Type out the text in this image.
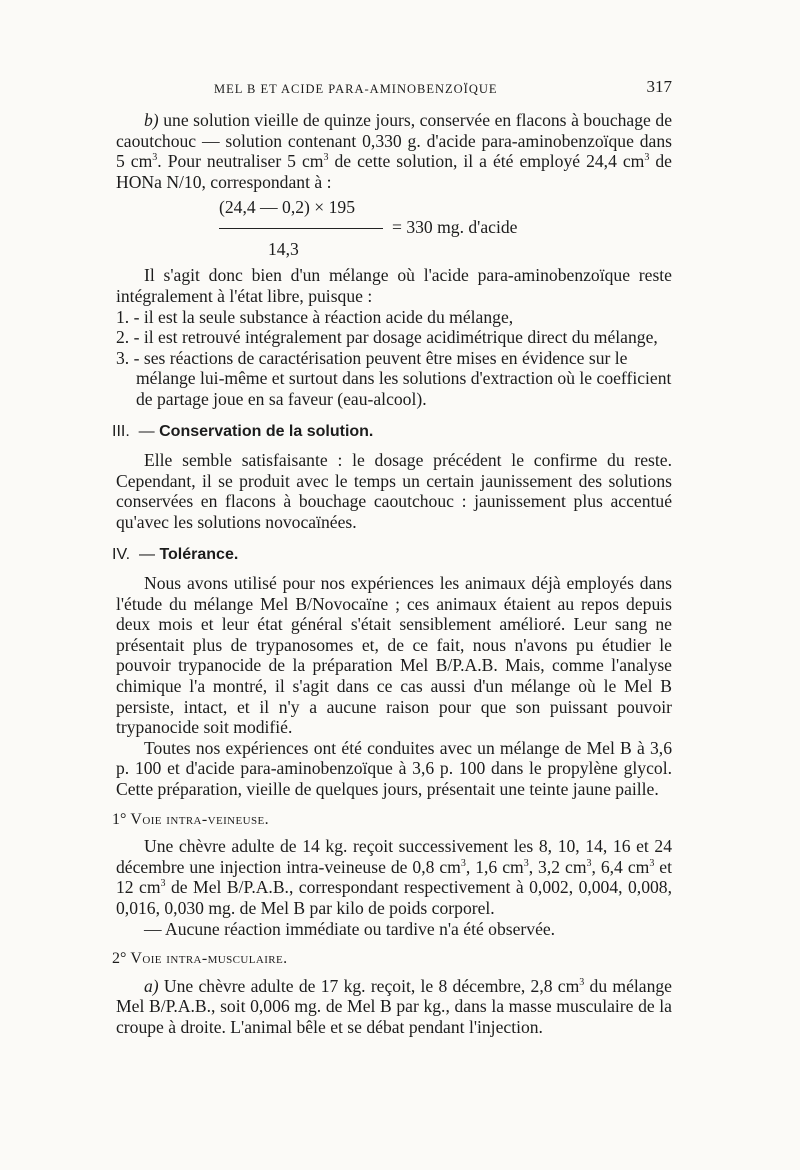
MEL B ET ACIDE PARA-AMINOBENZOÏQUE	317

b) une solution vieille de quinze jours, conservée en flacons à bouchage de caoutchouc — solution contenant 0,330 g. d'acide para-aminobenzoïque dans 5 $cm^3$. Pour neutraliser 5 $cm^3$ de cette solution, il a été employé 24,4 $cm^3$ de HONa N/10, correspondant à :

(24,4 — 0,2) × 195
= 330 mg. d'acide
14,3

Il s'agit donc bien d'un mélange où l'acide para-aminobenzoïque reste intégralement à l'état libre, puisque :

1. - il est la seule substance à réaction acide du mélange,
2. - il est retrouvé intégralement par dosage acidimétrique direct du mélange,
3. - ses réactions de caractérisation peuvent être mises en évidence sur le mélange lui-même et surtout dans les solutions d'extraction où le coefficient de partage joue en sa faveur (eau-alcool).
III. — Conservation de la solution.

Elle semble satisfaisante : le dosage précédent le confirme du reste. Cependant, il se produit avec le temps un certain jaunissement des solutions conservées en flacons à bouchage caoutchouc : jaunissement plus accentué qu'avec les solutions novocaïnées.

IV. — Tolérance.

Nous avons utilisé pour nos expériences les animaux déjà employés dans l'étude du mélange Mel B/Novocaïne ; ces animaux étaient au repos depuis deux mois et leur état général s'était sensiblement amélioré. Leur sang ne présentait plus de trypanosomes et, de ce fait, nous n'avons pu étudier le pouvoir trypanocide de la préparation Mel B/P.A.B. Mais, comme l'analyse chimique l'a montré, il s'agit dans ce cas aussi d'un mélange où le Mel B persiste, intact, et il n'y a aucune raison pour que son puissant pouvoir trypanocide soit modifié.

Toutes nos expériences ont été conduites avec un mélange de Mel B à 3,6 p. 100 et d'acide para-aminobenzoïque à 3,6 p. 100 dans le propylène glycol. Cette préparation, vieille de quelques jours, présentait une teinte jaune paille.

1° Voie intra-veineuse.

Une chèvre adulte de 14 kg. reçoit successivement les 8, 10, 14, 16 et 24 décembre une injection intra-veineuse de 0,8 $cm^3$, 1,6 $cm^3$, 3,2 $cm^3$, 6,4 $cm^3$ et 12 $cm^3$ de Mel B/P.A.B., correspondant respectivement à 0,002, 0,004, 0,008, 0,016, 0,030 mg. de Mel B par kilo de poids corporel.

— Aucune réaction immédiate ou tardive n'a été observée.

2° Voie intra-musculaire.

a) Une chèvre adulte de 17 kg. reçoit, le 8 décembre, 2,8 $cm^3$ du mélange Mel B/P.A.B., soit 0,006 mg. de Mel B par kg., dans la masse musculaire de la croupe à droite. L'animal bêle et se débat pendant l'injection.
